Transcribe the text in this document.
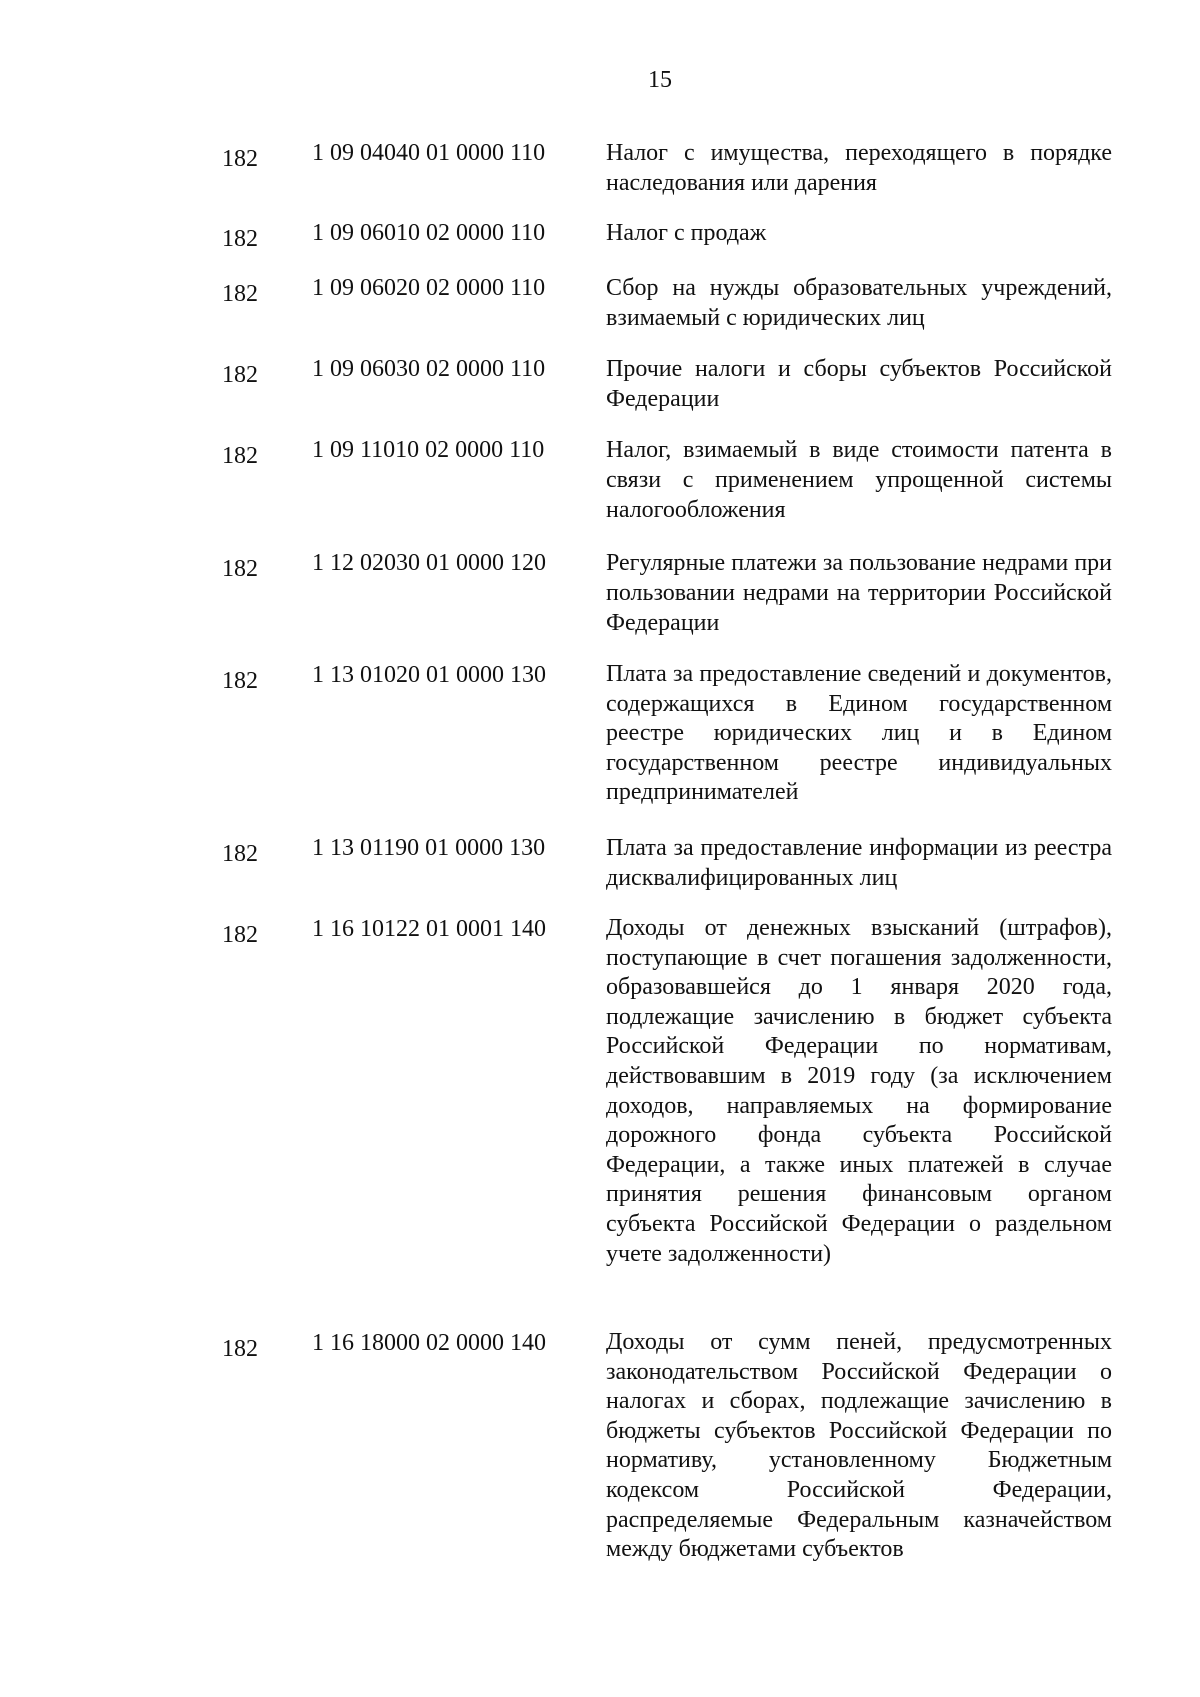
15
182 1 09 04040 01 0000 110	Налог с имущества, переходящего в порядке наследования или дарения
182 1 09 06010 02 0000 110	Налог с продаж
182 1 09 06020 02 0000 110	Сбор на нужды образовательных учреждений, взимаемый с юридических лиц
182 1 09 06030 02 0000 110	Прочие налоги и сборы субъектов Российской Федерации
182 1 09 11010 02 0000 110	Налог, взимаемый в виде стоимости патента в связи с применением упрощенной системы налогообложения
182 1 12 02030 01 0000 120	Регулярные платежи за пользование недрами при пользовании недрами на территории Российской Федерации
182 1 13 01020 01 0000 130	Плата за предоставление сведений и документов, содержащихся в Едином государственном реестре юридических лиц и в Едином государственном реестре индивидуальных предпринимателей
182 1 13 01190 01 0000 130	Плата за предоставление информации из реестра дисквалифицированных лиц
182 1 16 10122 01 0001 140	Доходы от денежных взысканий (штрафов), поступающие в счет погашения задолженности, образовавшейся до 1 января 2020 года, подлежащие зачислению в бюджет субъекта Российской Федерации по нормативам, действовавшим в 2019 году (за исключением доходов, направляемых на формирование дорожного фонда субъекта Российской Федерации, а также иных платежей в случае принятия решения финансовым органом субъекта Российской Федерации о раздельном учете задолженности)
182 1 16 18000 02 0000 140	Доходы от сумм пеней, предусмотренных законодательством Российской Федерации о налогах и сборах, подлежащие зачислению в бюджеты субъектов Российской Федерации по нормативу, установленному Бюджетным кодексом Российской Федерации, распределяемые Федеральным казначейством между бюджетами субъектов
